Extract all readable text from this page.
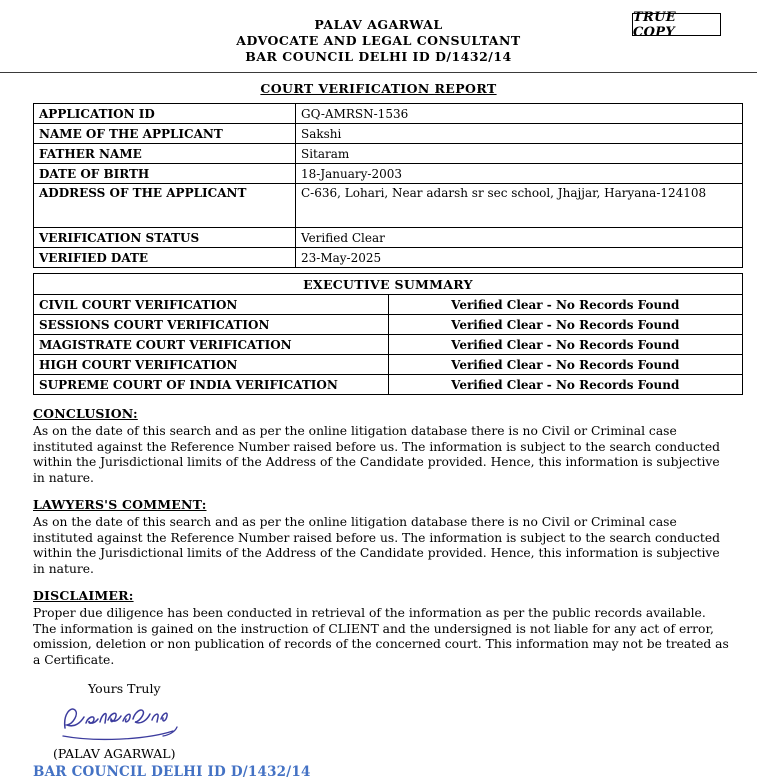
TRUE COPY
PALAV AGARWAL
ADVOCATE AND LEGAL CONSULTANT
BAR COUNCIL DELHI ID D/1432/14
COURT VERIFICATION REPORT
APPLICATION ID	GQ-AMRSN-1536
NAME OF THE APPLICANT	Sakshi
FATHER NAME	Sitaram
DATE OF BIRTH	18-January-2003
ADDRESS OF THE APPLICANT	C-636, Lohari, Near adarsh sr sec school, Jhajjar, Haryana-124108
VERIFICATION STATUS	Verified Clear
VERIFIED DATE	23-May-2025
EXECUTIVE SUMMARY	
CIVIL COURT VERIFICATION	Verified Clear - No Records Found
SESSIONS COURT VERIFICATION	Verified Clear - No Records Found
MAGISTRATE COURT VERIFICATION	Verified Clear - No Records Found
HIGH COURT VERIFICATION	Verified Clear - No Records Found
SUPREME COURT OF INDIA VERIFICATION	Verified Clear - No Records Found
CONCLUSION:
As on the date of this search and as per the online litigation database there is no Civil or Criminal case instituted against the Reference Number raised before us. The information is subject to the search conducted within the Jurisdictional limits of the Address of the Candidate provided. Hence, this information is subjective in nature.
LAWYERS'S COMMENT:
As on the date of this search and as per the online litigation database there is no Civil or Criminal case instituted against the Reference Number raised before us. The information is subject to the search conducted within the Jurisdictional limits of the Address of the Candidate provided. Hence, this information is subjective in nature.
DISCLAIMER:
Proper due diligence has been conducted in retrieval of the information as per the public records available. The information is gained on the instruction of CLIENT and the undersigned is not liable for any act of error, omission, deletion or non publication of records of the concerned court. This information may not be treated as a Certificate.
Yours Truly
(PALAV AGARWAL)
BAR COUNCIL DELHI ID D/1432/14
